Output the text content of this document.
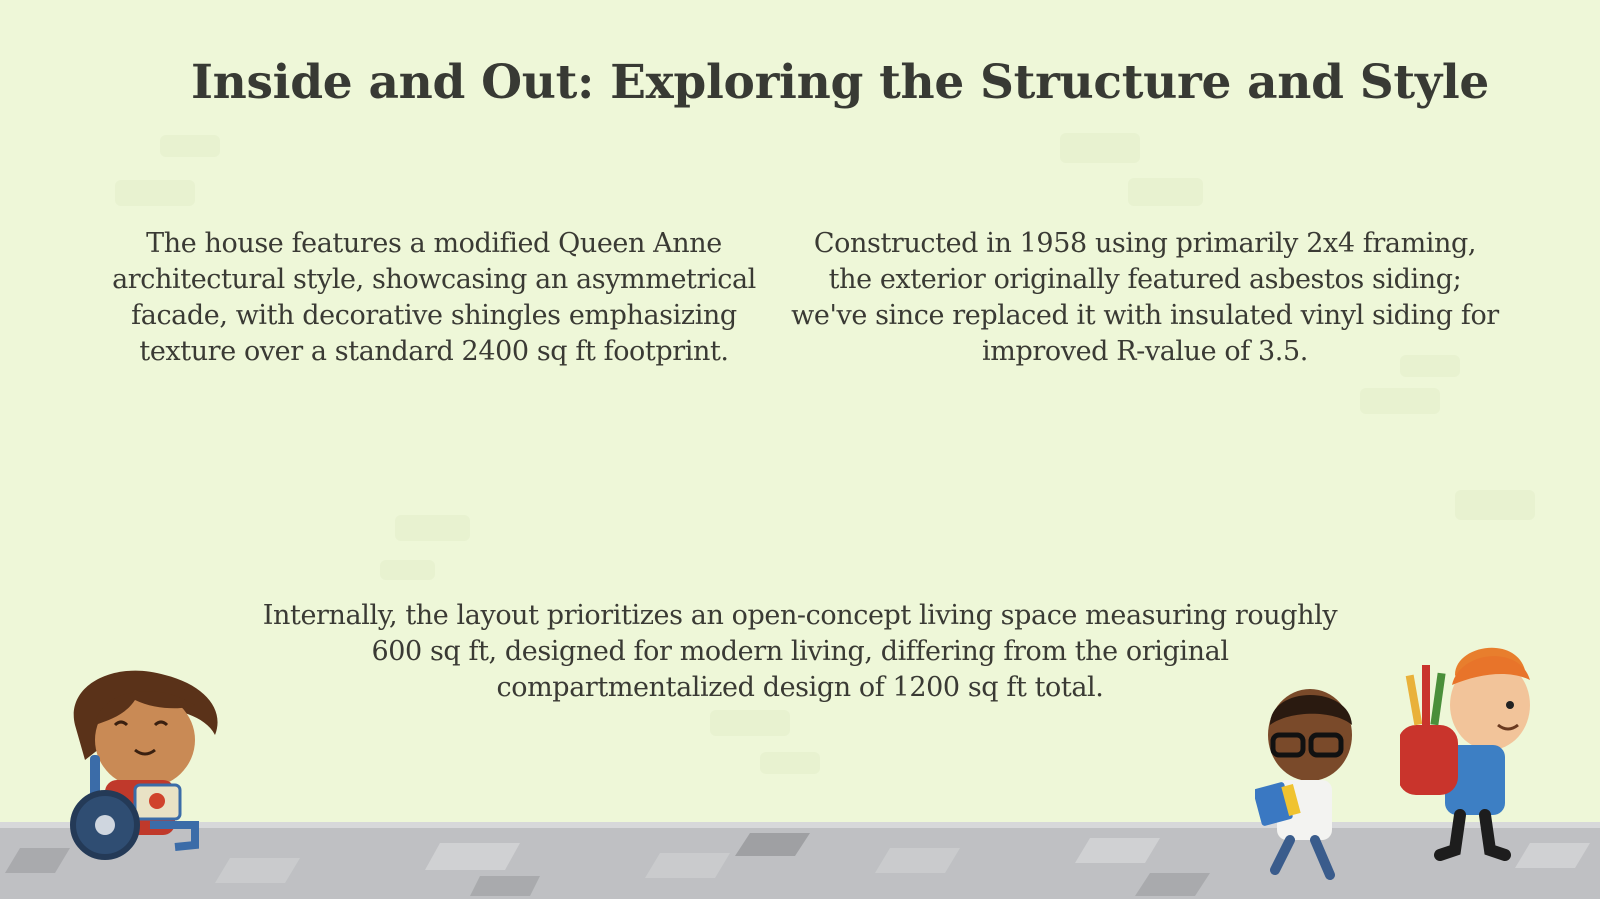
Inside and Out: Exploring the Structure and Style

The house features a modified Queen Anne architectural style, showcasing an asymmetrical facade, with decorative shingles emphasizing texture over a standard 2400 sq ft footprint.

Constructed in 1958 using primarily 2x4 framing, the exterior originally featured asbestos siding; we've since replaced it with insulated vinyl siding for improved R-value of 3.5.

Internally, the layout prioritizes an open-concept living space measuring roughly 600 sq ft, designed for modern living, differing from the original compartmentalized design of 1200 sq ft total.
